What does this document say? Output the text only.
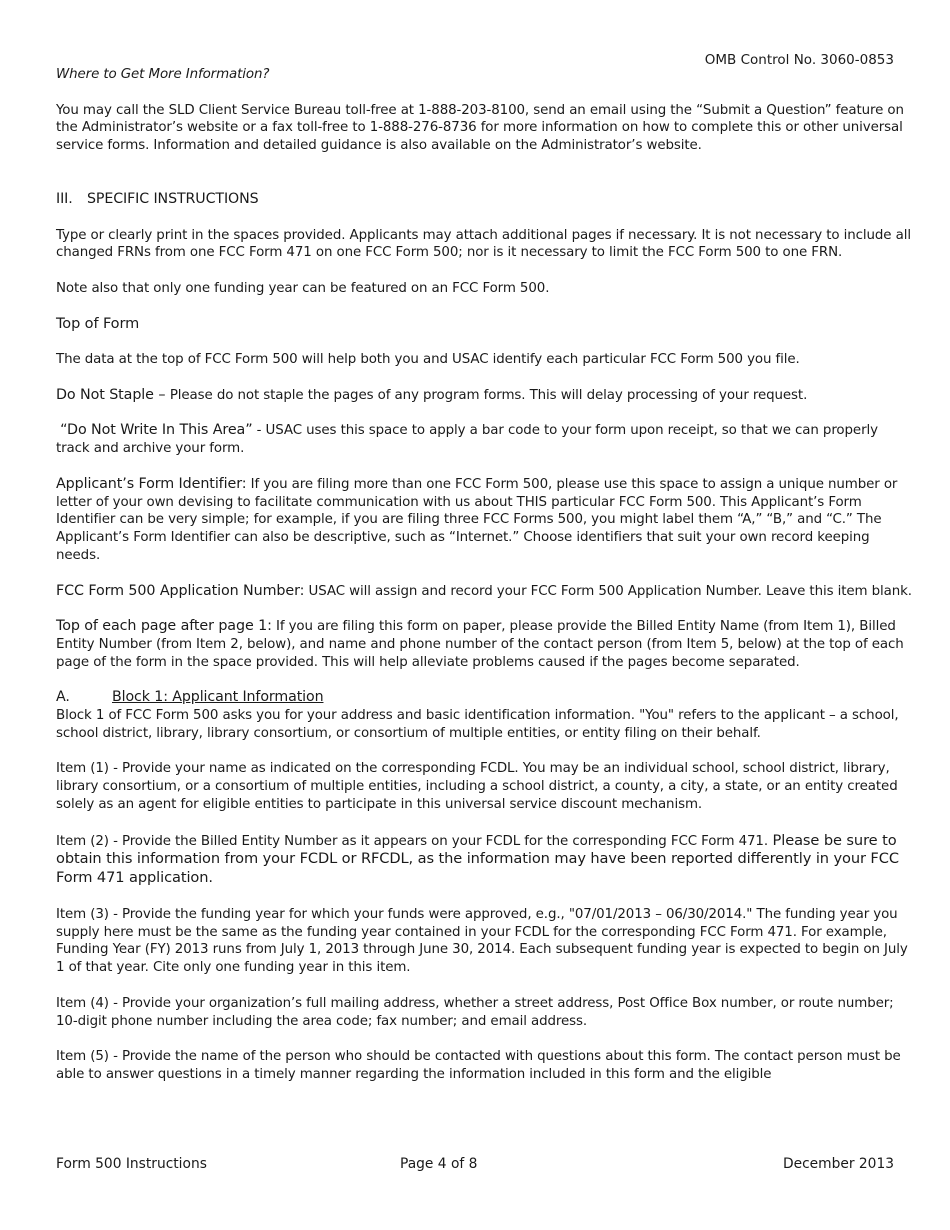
OMB Control No. 3060-0853

Where to Get More Information?

You may call the SLD Client Service Bureau toll-free at 1-888-203-8100, send an email using the “Submit a Question” feature on the Administrator’s website or a fax toll-free to 1-888-276-8736 for more information on how to complete this or other universal service forms. Information and detailed guidance is also available on the Administrator’s website.

III. SPECIFIC INSTRUCTIONS

Type or clearly print in the spaces provided. Applicants may attach additional pages if necessary. It is not necessary to include all changed FRNs from one FCC Form 471 on one FCC Form 500; nor is it necessary to limit the FCC Form 500 to one FRN.

Note also that only one funding year can be featured on an FCC Form 500.

Top of Form

The data at the top of FCC Form 500 will help both you and USAC identify each particular FCC Form 500 you file.

Do Not Staple – Please do not staple the pages of any program forms. This will delay processing of your request.

“Do Not Write In This Area” - USAC uses this space to apply a bar code to your form upon receipt, so that we can properly track and archive your form.

Applicant’s Form Identifier: If you are filing more than one FCC Form 500, please use this space to assign a unique number or letter of your own devising to facilitate communication with us about THIS particular FCC Form 500. This Applicant’s Form Identifier can be very simple; for example, if you are filing three FCC Forms 500, you might label them “A,” “B,” and “C.” The Applicant’s Form Identifier can also be descriptive, such as “Internet.” Choose identifiers that suit your own record keeping needs.

FCC Form 500 Application Number: USAC will assign and record your FCC Form 500 Application Number. Leave this item blank.

Top of each page after page 1: If you are filing this form on paper, please provide the Billed Entity Name (from Item 1), Billed Entity Number (from Item 2, below), and name and phone number of the contact person (from Item 5, below) at the top of each page of the form in the space provided. This will help alleviate problems caused if the pages become separated.

A.	Block 1: Applicant Information

Block 1 of FCC Form 500 asks you for your address and basic identification information. "You" refers to the applicant – a school, school district, library, library consortium, or consortium of multiple entities, or entity filing on their behalf.

Item (1) - Provide your name as indicated on the corresponding FCDL. You may be an individual school, school district, library, library consortium, or a consortium of multiple entities, including a school district, a county, a city, a state, or an entity created solely as an agent for eligible entities to participate in this universal service discount mechanism.

Item (2) - Provide the Billed Entity Number as it appears on your FCDL for the corresponding FCC Form 471. Please be sure to obtain this information from your FCDL or RFCDL, as the information may have been reported differently in your FCC Form 471 application.

Item (3) - Provide the funding year for which your funds were approved, e.g., "07/01/2013 – 06/30/2014." The funding year you supply here must be the same as the funding year contained in your FCDL for the corresponding FCC Form 471. For example, Funding Year (FY) 2013 runs from July 1, 2013 through June 30, 2014. Each subsequent funding year is expected to begin on July 1 of that year. Cite only one funding year in this item.

Item (4) - Provide your organization’s full mailing address, whether a street address, Post Office Box number, or route number; 10-digit phone number including the area code; fax number; and email address.

Item (5) - Provide the name of the person who should be contacted with questions about this form. The contact person must be able to answer questions in a timely manner regarding the information included in this form and the eligible

Form 500 Instructions	Page 4 of 8	December 2013
